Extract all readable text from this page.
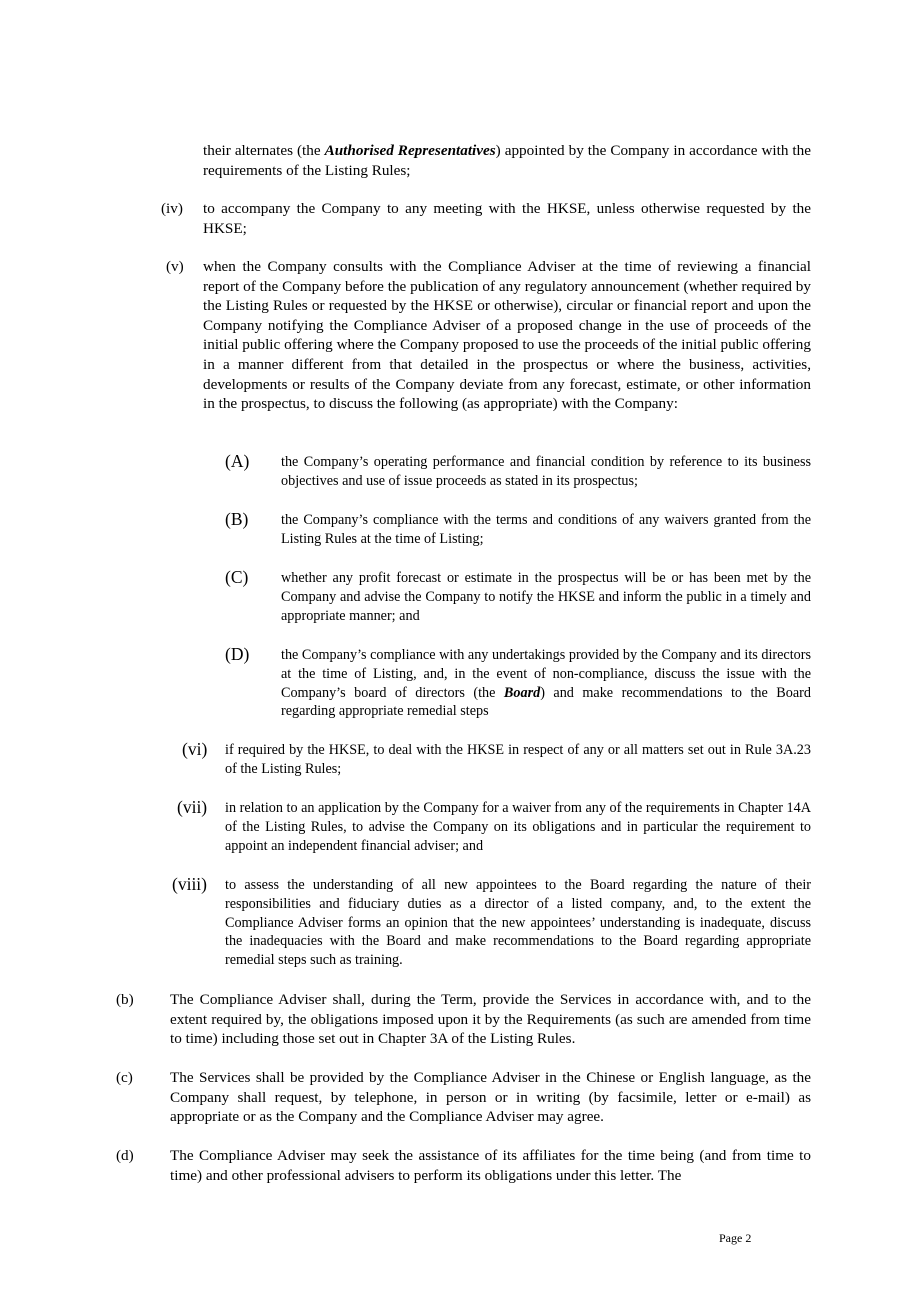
their alternates (the Authorised Representatives) appointed by the Company in accordance with the requirements of the Listing Rules;

(iv) to accompany the Company to any meeting with the HKSE, unless otherwise requested by the HKSE;

(v) when the Company consults with the Compliance Adviser at the time of reviewing a financial report of the Company before the publication of any regulatory announcement (whether required by the Listing Rules or requested by the HKSE or otherwise), circular or financial report and upon the Company notifying the Compliance Adviser of a proposed change in the use of proceeds of the initial public offering where the Company proposed to use the proceeds of the initial public offering in a manner different from that detailed in the prospectus or where the business, activities, developments or results of the Company deviate from any forecast, estimate, or other information in the prospectus, to discuss the following (as appropriate) with the Company:

(A) the Company’s operating performance and financial condition by reference to its business objectives and use of issue proceeds as stated in its prospectus;

(B) the Company’s compliance with the terms and conditions of any waivers granted from the Listing Rules at the time of Listing;

(C) whether any profit forecast or estimate in the prospectus will be or has been met by the Company and advise the Company to notify the HKSE and inform the public in a timely and appropriate manner; and

(D) the Company’s compliance with any undertakings provided by the Company and its directors at the time of Listing, and, in the event of non-compliance, discuss the issue with the Company’s board of directors (the Board) and make recommendations to the Board regarding appropriate remedial steps

(vi) if required by the HKSE, to deal with the HKSE in respect of any or all matters set out in Rule 3A.23 of the Listing Rules;

(vii) in relation to an application by the Company for a waiver from any of the requirements in Chapter 14A of the Listing Rules, to advise the Company on its obligations and in particular the requirement to appoint an independent financial adviser; and

(viii) to assess the understanding of all new appointees to the Board regarding the nature of their responsibilities and fiduciary duties as a director of a listed company, and, to the extent the Compliance Adviser forms an opinion that the new appointees’ understanding is inadequate, discuss the inadequacies with the Board and make recommendations to the Board regarding appropriate remedial steps such as training.

(b) The Compliance Adviser shall, during the Term, provide the Services in accordance with, and to the extent required by, the obligations imposed upon it by the Requirements (as such are amended from time to time) including those set out in Chapter 3A of the Listing Rules.

(c) The Services shall be provided by the Compliance Adviser in the Chinese or English language, as the Company shall request, by telephone, in person or in writing (by facsimile, letter or e-mail) as appropriate or as the Company and the Compliance Adviser may agree.

(d) The Compliance Adviser may seek the assistance of its affiliates for the time being (and from time to time) and other professional advisers to perform its obligations under this letter. The

Page 2
